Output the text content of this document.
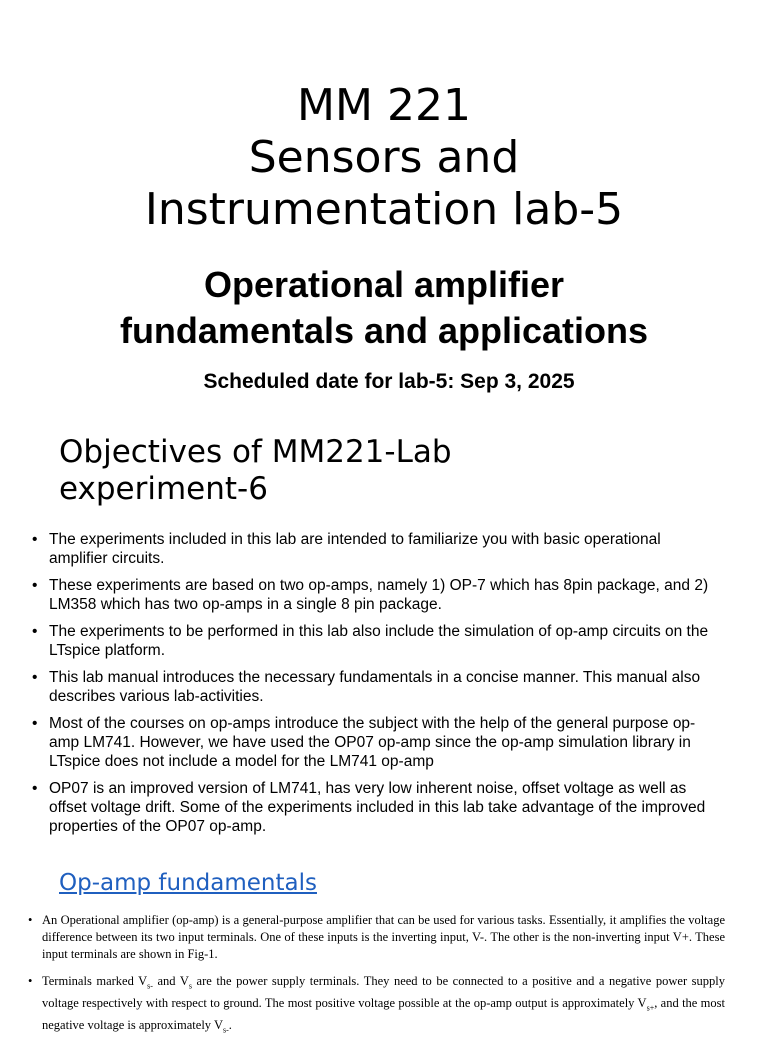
MM 221
Sensors and
Instrumentation lab-5
Operational amplifier
fundamentals and applications
Scheduled date for lab-5: Sep 3, 2025
Objectives of MM221-Lab
experiment-6
• The experiments included in this lab are intended to familiarize you with basic operational amplifier circuits.
• These experiments are based on two op-amps, namely 1) OP-7 which has 8pin package, and 2) LM358 which has two op-amps in a single 8 pin package.
• The experiments to be performed in this lab also include the simulation of op-amp circuits on the LTspice platform.
• This lab manual introduces the necessary fundamentals in a concise manner. This manual also describes various lab-activities.
• Most of the courses on op-amps introduce the subject with the help of the general purpose op-amp LM741. However, we have used the OP07 op-amp since the op-amp simulation library in LTspice does not include a model for the LM741 op-amp
• OP07 is an improved version of LM741, has very low inherent noise, offset voltage as well as offset voltage drift. Some of the experiments included in this lab take advantage of the improved properties of the OP07 op-amp.
Op-amp fundamentals
• An Operational amplifier (op-amp) is a general-purpose amplifier that can be used for various tasks. Essentially, it amplifies the voltage difference between its two input terminals. One of these inputs is the inverting input, V-. The other is the non-inverting input V+. These input terminals are shown in Fig-1.
• Terminals marked $V_{s-}$ and $V_s$ are the power supply terminals. They need to be connected to a positive and a negative power supply voltage respectively with respect to ground. The most positive voltage possible at the op-amp output is approximately $V_{s+}$, and the most negative voltage is approximately $V_{s-}$.
